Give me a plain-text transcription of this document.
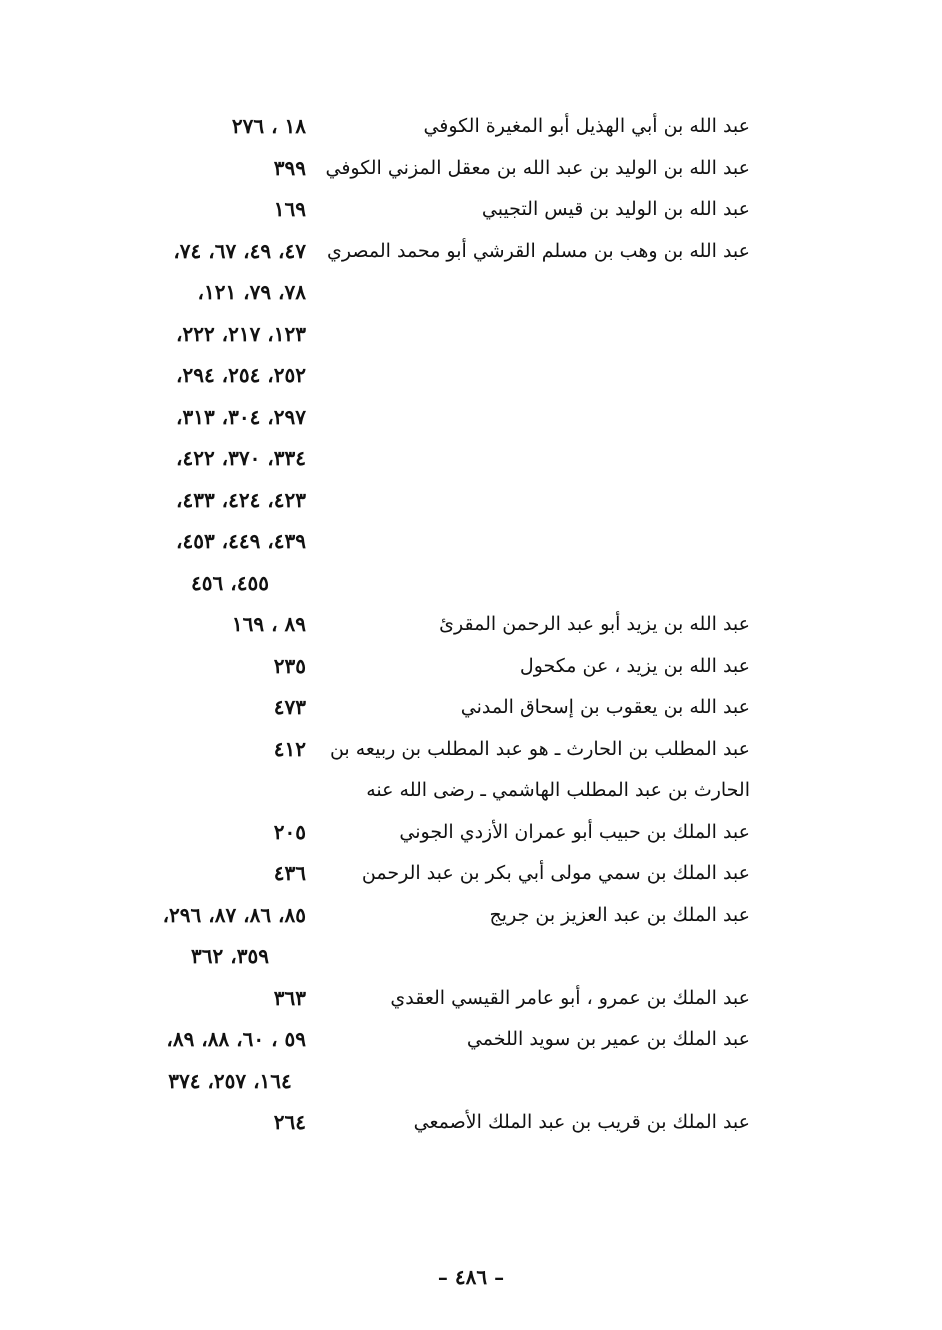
عبد الله بن أبي الهذيل أبو المغيرة الكوفي
١٨ ، ٢٧٦
عبد الله بن الوليد بن عبد الله بن معقل المزني الكوفي
٣٩٩
عبد الله بن الوليد بن قيس التجيبي
١٦٩
عبد الله بن وهب بن مسلم القرشي أبو محمد المصري
٤٧، ٤٩، ٦٧، ٧٤،
٧٨، ٧٩، ١٢١،
١٢٣، ٢١٧، ٢٢٢،
٢٥٢، ٢٥٤، ٢٩٤،
٢٩٧، ٣٠٤، ٣١٣،
٣٣٤، ٣٧٠، ٤٢٢،
٤٢٣، ٤٢٤، ٤٣٣،
٤٣٩، ٤٤٩، ٤٥٣،
٤٥٥، ٤٥٦
عبد الله بن يزيد أبو عبد الرحمن المقرئ
٨٩ ، ١٦٩
عبد الله بن يزيد ، عن مكحول
٢٣٥
عبد الله بن يعقوب بن إسحاق المدني
٤٧٣
عبد المطلب بن الحارث ـ هو عبد المطلب بن ربيعه بن
٤١٢
الحارث بن عبد المطلب الهاشمي ـ رضى الله عنه
عبد الملك بن حبيب أبو عمران الأزدي الجوني
٢٠٥
عبد الملك بن سمي مولى أبي بكر بن عبد الرحمن
٤٣٦
عبد الملك بن عبد العزيز بن جريج
٨٥، ٨٦، ٨٧، ٢٩٦،
٣٥٩، ٣٦٢
عبد الملك بن عمرو ، أبو عامر القيسي العقدي
٣٦٣
عبد الملك بن عمير بن سويد اللخمي
٥٩ ، ٦٠، ٨٨، ٨٩،
١٦٤، ٢٥٧، ٣٧٤
عبد الملك بن قريب بن عبد الملك الأصمعي
٢٦٤
– ٤٨٦ –
